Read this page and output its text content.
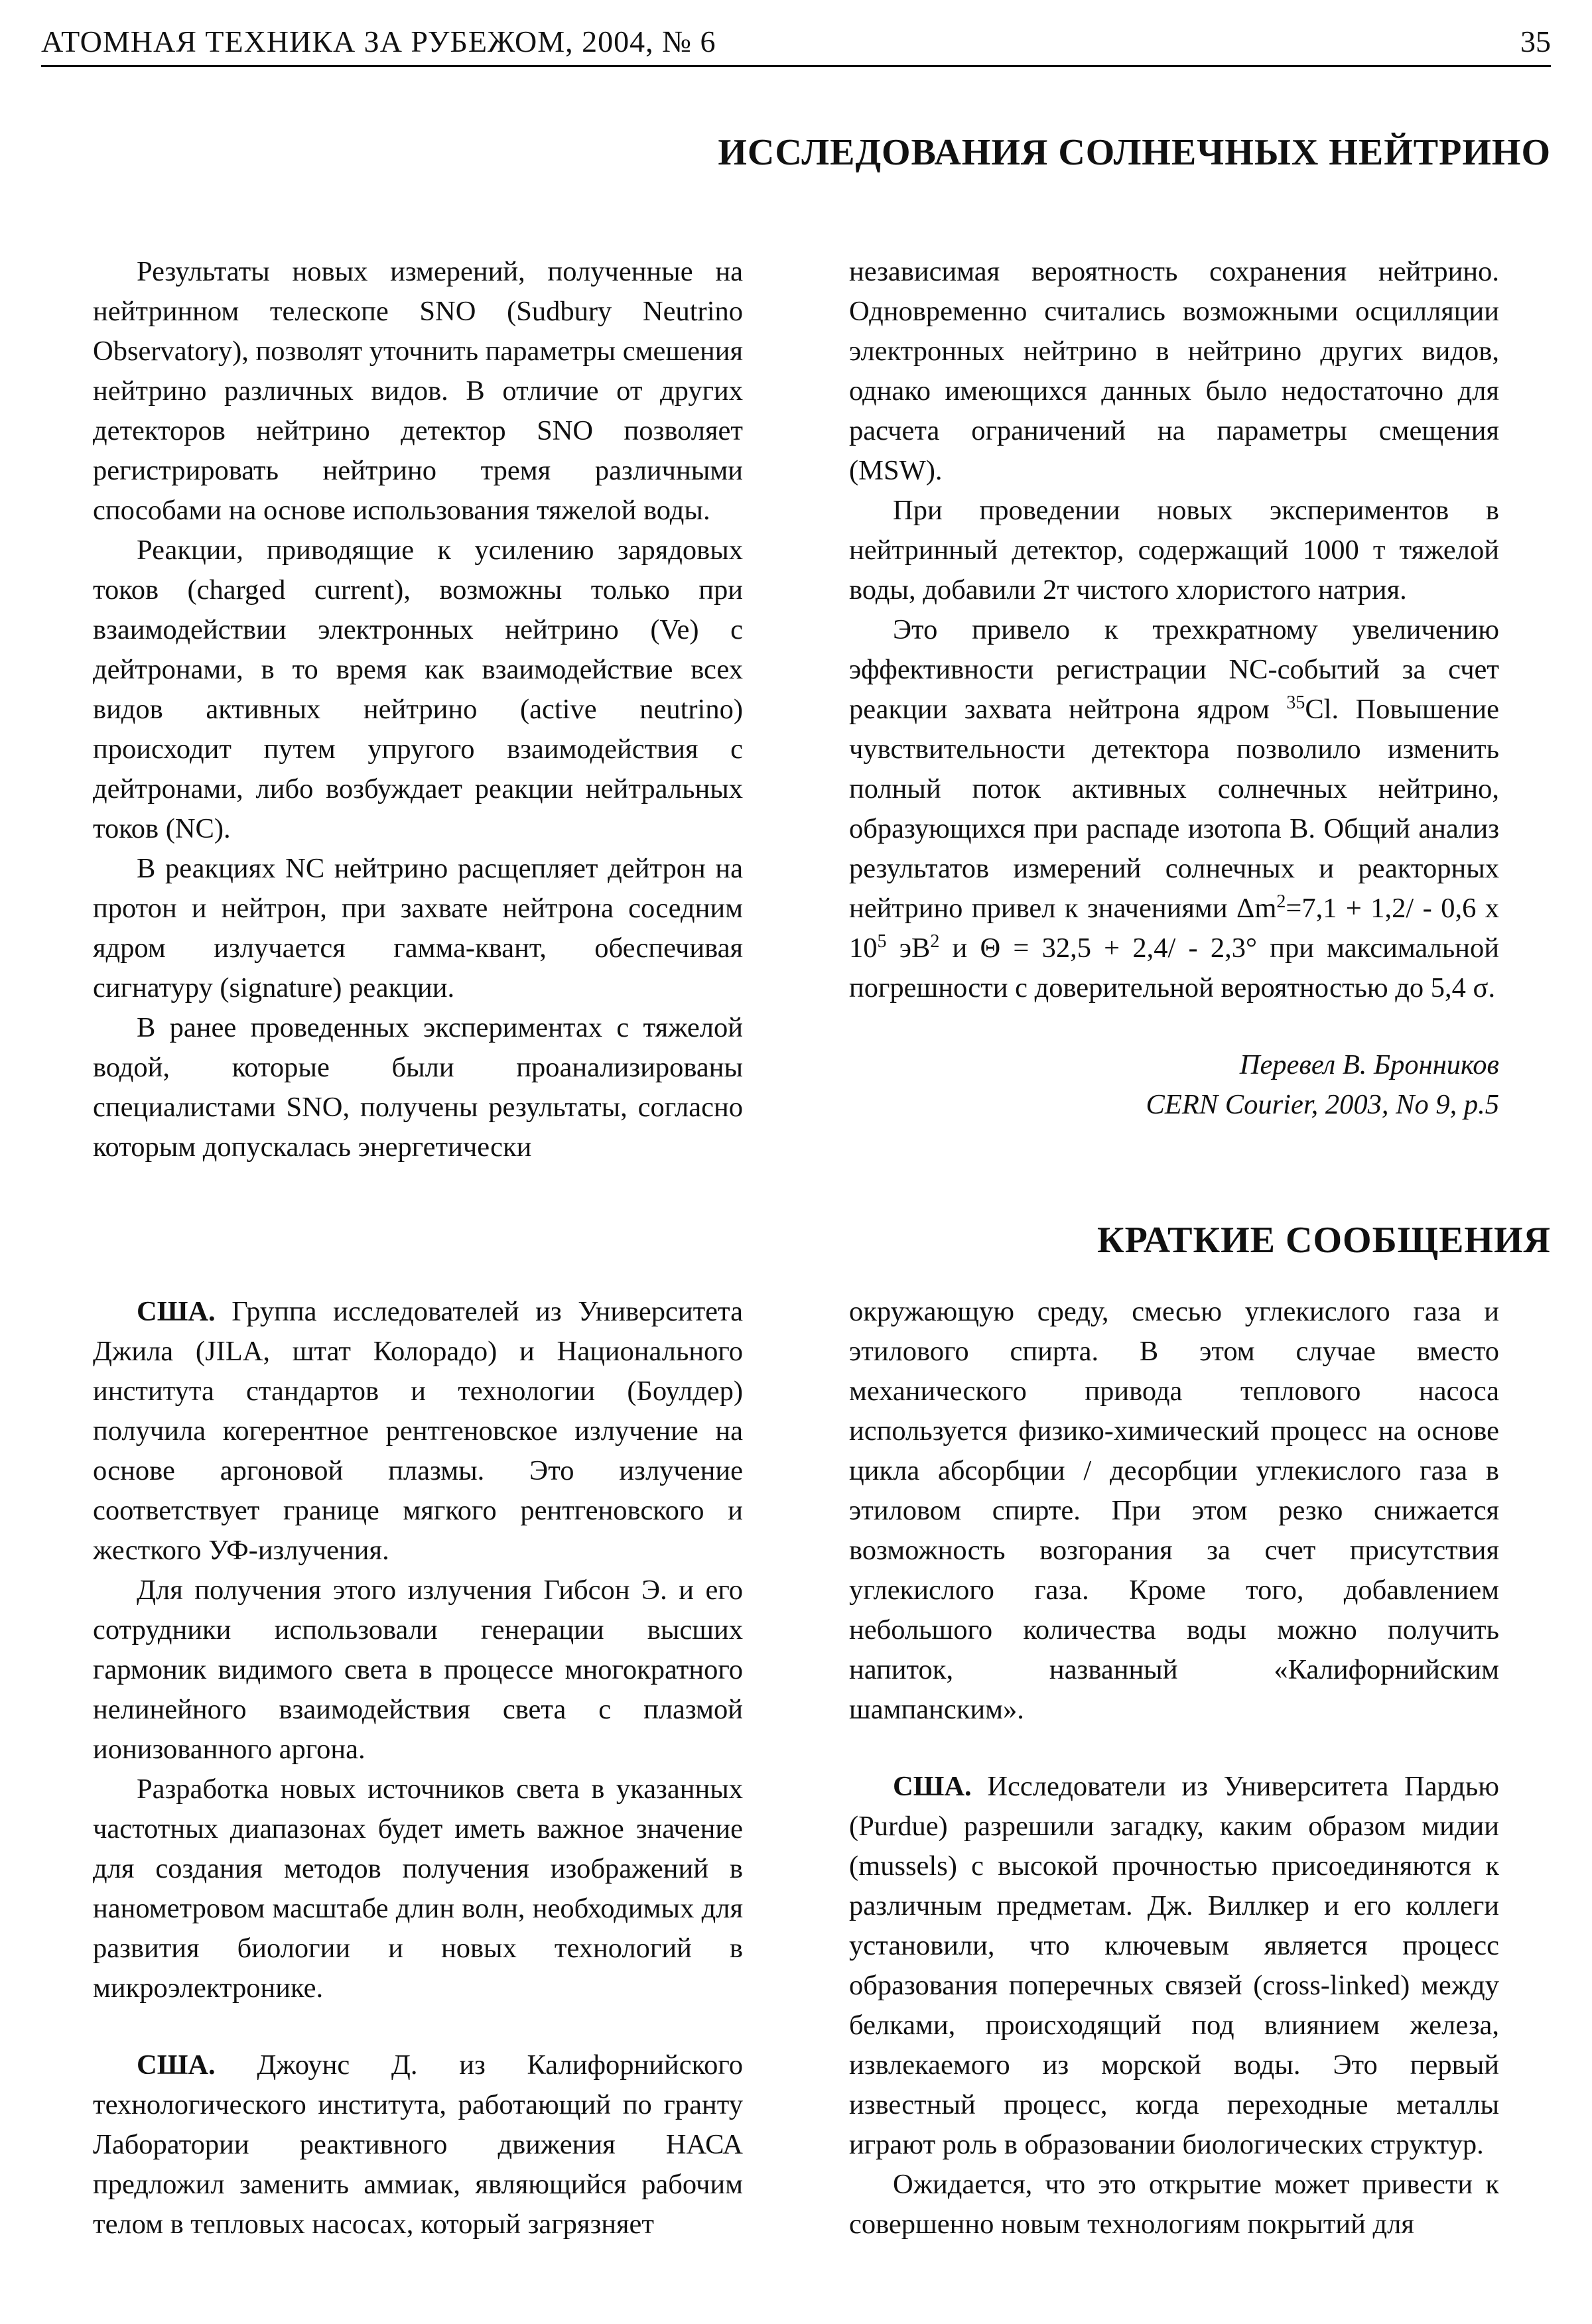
АТОМНАЯ ТЕХНИКА ЗА РУБЕЖОМ, 2004, № 6	35
ИССЛЕДОВАНИЯ СОЛНЕЧНЫХ НЕЙТРИНО

Результаты новых измерений, полученные на нейтринном телескопе SNO (Sudbury Neutrino Observatory), позволят уточнить параметры смешения нейтрино различных видов. В отличие от других детекторов нейтрино детектор SNO позволяет регистрировать нейтрино тремя различными способами на основе использования тяжелой воды.

Реакции, приводящие к усилению зарядовых токов (charged current), возможны только при взаимодействии электронных нейтрино (Ve) с дейтронами, в то время как взаимодействие всех видов активных нейтрино (active neutrino) происходит путем упругого взаимодействия с дейтронами, либо возбуждает реакции нейтральных токов (NC).

В реакциях NC нейтрино расщепляет дейтрон на протон и нейтрон, при захвате нейтрона соседним ядром излучается гамма-квант, обеспечивая сигнатуру (signature) реакции.

В ранее проведенных экспериментах с тяжелой водой, которые были проанализированы специалистами SNO, получены результаты, согласно которым допускалась энергетически

независимая вероятность сохранения нейтрино. Одновременно считались возможными осцилляции электронных нейтрино в нейтрино других видов, однако имеющихся данных было недостаточно для расчета ограничений на параметры смещения (MSW).

При проведении новых экспериментов в нейтринный детектор, содержащий 1000 т тяжелой воды, добавили 2т чистого хлористого натрия.

Это привело к трехкратному увеличению эффективности регистрации NC-событий за счет реакции захвата нейтрона ядром $^{35}$Cl. Повышение чувствительности детектора позволило изменить полный поток активных солнечных нейтрино, образующихся при распаде изотопа B. Общий анализ результатов измерений солнечных и реакторных нейтрино привел к значениями $\Delta m^2=7,1 + 1,2/ - 0,6$ х $10^5$ $эВ^2$ и Θ = 32,5 + 2,4/ - 2,3° при максимальной погрешности с доверительной вероятностью до 5,4 σ.

Перевел В. Бронников
CERN Courier, 2003, No 9, p.5
КРАТКИЕ СООБЩЕНИЯ

США. Группа исследователей из Университета Джила (JILA, штат Колорадо) и Национального института стандартов и технологии (Боулдер) получила когерентное рентгеновское излучение на основе аргоновой плазмы. Это излучение соответствует границе мягкого рентгеновского и жесткого УФ-излучения.

Для получения этого излучения Гибсон Э. и его сотрудники использовали генерации высших гармоник видимого света в процессе многократного нелинейного взаимодействия света с плазмой ионизованного аргона.

Разработка новых источников света в указанных частотных диапазонах будет иметь важное значение для создания методов получения изображений в нанометровом масштабе длин волн, необходимых для развития биологии и новых технологий в микроэлектронике.

США. Джоунс Д. из Калифорнийского технологического института, работающий по гранту Лаборатории реактивного движения НАСА предложил заменить аммиак, являющийся рабочим телом в тепловых насосах, который загрязняет

окружающую среду, смесью углекислого газа и этилового спирта. В этом случае вместо механического привода теплового насоса используется физико-химический процесс на основе цикла абсорбции / десорбции углекислого газа в этиловом спирте. При этом резко снижается возможность возгорания за счет присутствия углекислого газа. Кроме того, добавлением небольшого количества воды можно получить напиток, названный «Калифорнийским шампанским».

США. Исследователи из Университета Пардью (Purdue) разрешили загадку, каким образом мидии (mussels) с высокой прочностью присоединяются к различным предметам. Дж. Виллкер и его коллеги установили, что ключевым является процесс образования поперечных связей (cross-linked) между белками, происходящий под влиянием железа, извлекаемого из морской воды. Это первый известный процесс, когда переходные металлы играют роль в образовании биологических структур.

Ожидается, что это открытие может привести к совершенно новым технологиям покрытий для
